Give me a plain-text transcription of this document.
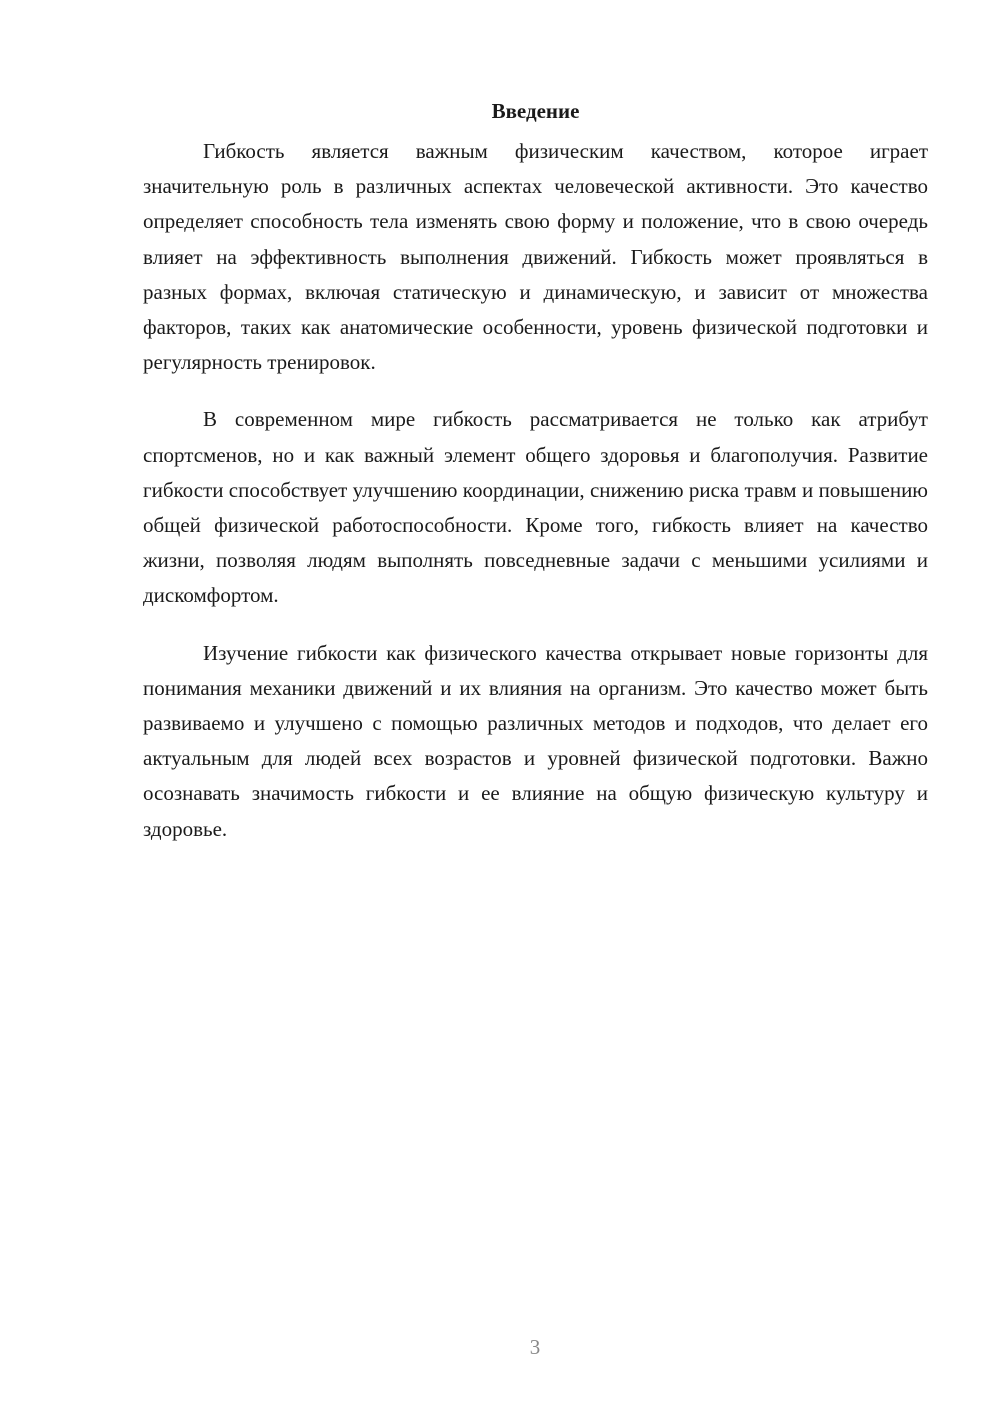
Введение

Гибкость является важным физическим качеством, которое играет значительную роль в различных аспектах человеческой активности. Это качество определяет способность тела изменять свою форму и положение, что в свою очередь влияет на эффективность выполнения движений. Гибкость может проявляться в разных формах, включая статическую и динамическую, и зависит от множества факторов, таких как анатомические особенности, уровень физической подготовки и регулярность тренировок.

В современном мире гибкость рассматривается не только как атрибут спортсменов, но и как важный элемент общего здоровья и благополучия. Развитие гибкости способствует улучшению координации, снижению риска травм и повышению общей физической работоспособности. Кроме того, гибкость влияет на качество жизни, позволяя людям выполнять повседневные задачи с меньшими усилиями и дискомфортом.

Изучение гибкости как физического качества открывает новые горизонты для понимания механики движений и их влияния на организм. Это качество может быть развиваемо и улучшено с помощью различных методов и подходов, что делает его актуальным для людей всех возрастов и уровней физической подготовки. Важно осознавать значимость гибкости и ее влияние на общую физическую культуру и здоровье.

3
